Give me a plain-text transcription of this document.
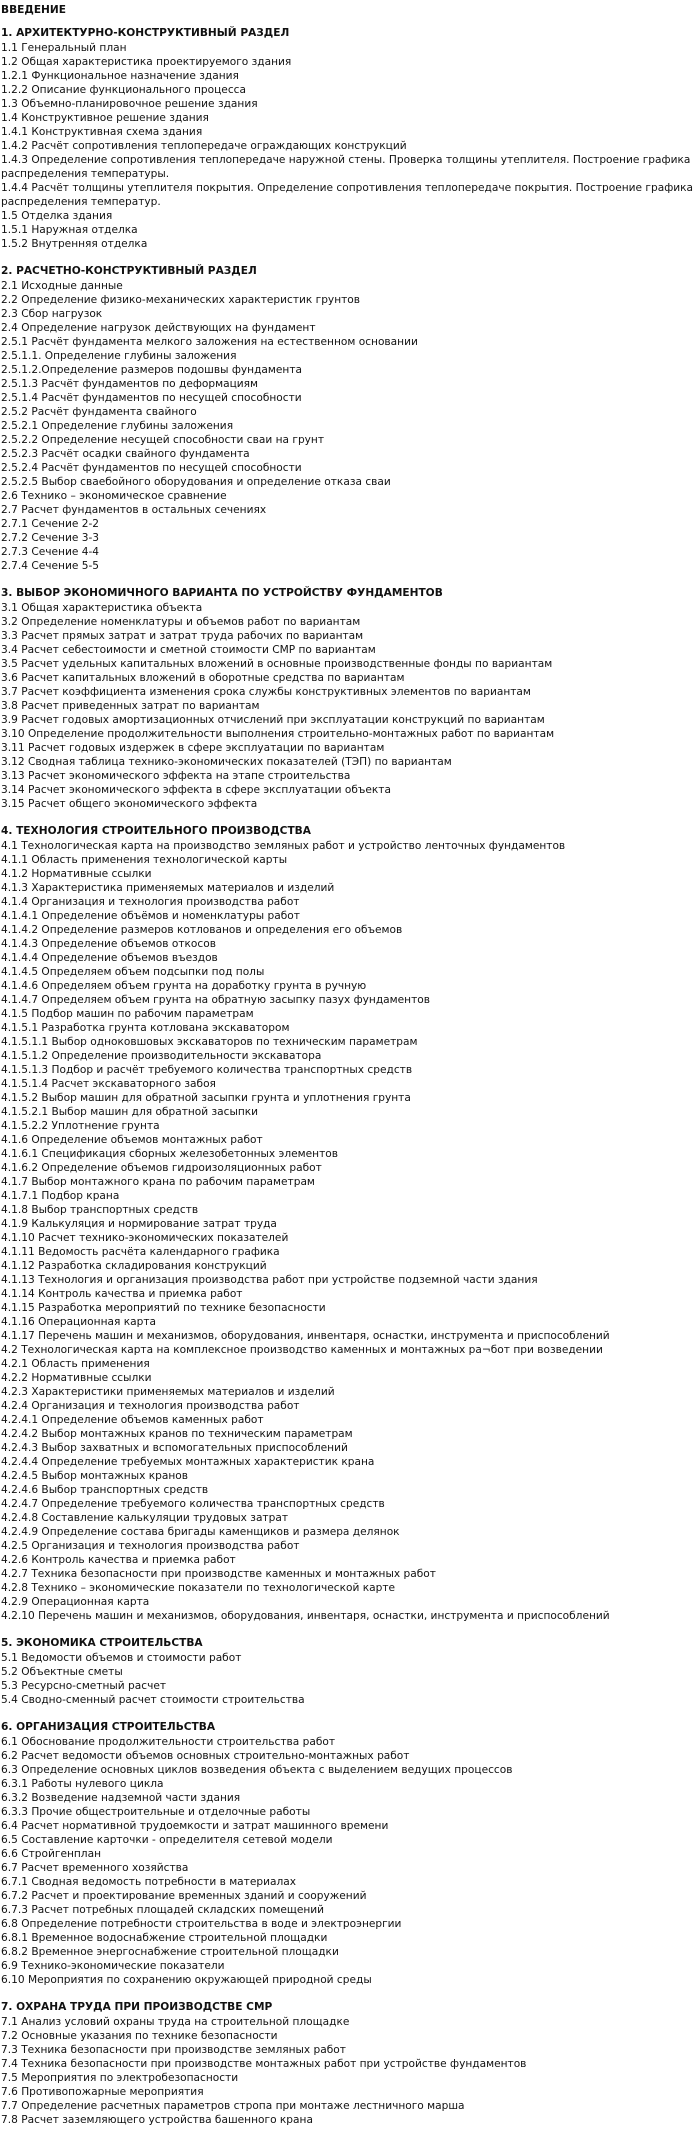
ВВЕДЕНИЕ
1. АРХИТЕКТУРНО-КОНСТРУКТИВНЫЙ РАЗДЕЛ
1.1 Генеральный план
1.2 Общая характеристика проектируемого здания
1.2.1 Функциональное назначение здания
1.2.2 Описание функционального процесса
1.3 Объемно-планировочное решение здания
1.4 Конструктивное решение здания
1.4.1 Конструктивная схема здания
1.4.2 Расчёт сопротивления теплопередаче ограждающих конструкций
1.4.3 Определение сопротивления теплопередаче наружной стены. Проверка толщины утеплителя. Построение графика распределения температуры.
1.4.4 Расчёт толщины утеплителя покрытия. Определение сопротивления теплопередаче покрытия. Построение графика распределения температур.
1.5 Отделка здания
1.5.1 Наружная отделка
1.5.2 Внутренняя отделка
2. РАСЧЕТНО-КОНСТРУКТИВНЫЙ РАЗДЕЛ
2.1 Исходные данные
2.2 Определение физико-механических характеристик грунтов
2.3 Сбор нагрузок
2.4 Определение нагрузок действующих на фундамент
2.5.1 Расчёт фундамента мелкого заложения на естественном основании
2.5.1.1. Определение глубины заложения
2.5.1.2.Определение размеров подошвы фундамента
2.5.1.3 Расчёт фундаментов по деформациям
2.5.1.4 Расчёт фундаментов по несущей способности
2.5.2 Расчёт фундамента свайного
2.5.2.1 Определение глубины заложения
2.5.2.2 Определение несущей способности сваи на грунт
2.5.2.3 Расчёт осадки свайного фундамента
2.5.2.4 Расчёт фундаментов по несущей способности
2.5.2.5 Выбор сваебойного оборудования и определение отказа сваи
2.6 Технико – экономическое сравнение
2.7 Расчет фундаментов в остальных сечениях
2.7.1 Сечение 2-2
2.7.2 Сечение 3-3
2.7.3 Сечение 4-4
2.7.4 Сечение 5-5
3. ВЫБОР ЭКОНОМИЧНОГО ВАРИАНТА ПО УСТРОЙСТВУ ФУНДАМЕНТОВ
3.1 Общая характеристика объекта
3.2 Определение номенклатуры и объемов работ по вариантам
3.3 Расчет прямых затрат и затрат труда рабочих по вариантам
3.4 Расчет себестоимости и сметной стоимости СМР по вариантам
3.5 Расчет удельных капитальных вложений в основные производственные фонды по вариантам
3.6 Расчет капитальных вложений в оборотные средства по вариантам
3.7 Расчет коэффициента изменения срока службы конструктивных элементов по вариантам
3.8 Расчет приведенных затрат по вариантам
3.9 Расчет годовых амортизационных отчислений при эксплуатации конструкций по вариантам
3.10 Определение продолжительности выполнения строительно-монтажных работ по вариантам
3.11 Расчет годовых издержек в сфере эксплуатации по вариантам
3.12 Сводная таблица технико-экономических показателей (ТЭП) по вариантам
3.13 Расчет экономического эффекта на этапе строительства
3.14 Расчет экономического эффекта в сфере эксплуатации объекта
3.15 Расчет общего экономического эффекта
4. ТЕХНОЛОГИЯ СТРОИТЕЛЬНОГО ПРОИЗВОДСТВА
4.1 Технологическая карта на производство земляных работ и устройство ленточных фундаментов
4.1.1 Область применения технологической карты
4.1.2 Нормативные ссылки
4.1.3 Характеристика применяемых материалов и изделий
4.1.4 Организация и технология производства работ
4.1.4.1 Определение объёмов и номенклатуры работ
4.1.4.2 Определение размеров котлованов и определения его объемов
4.1.4.3 Определение объемов откосов
4.1.4.4 Определение объемов въездов
4.1.4.5 Определяем объем подсыпки под полы
4.1.4.6 Определяем объем грунта на доработку грунта в ручную
4.1.4.7 Определяем объем грунта на обратную засыпку пазух фундаментов
4.1.5 Подбор машин по рабочим параметрам
4.1.5.1 Разработка грунта котлована экскаватором
4.1.5.1.1 Выбор одноковшовых экскаваторов по техническим параметрам
4.1.5.1.2 Определение производительности экскаватора
4.1.5.1.3 Подбор и расчёт требуемого количества транспортных средств
4.1.5.1.4 Расчет экскаваторного забоя
4.1.5.2 Выбор машин для обратной засыпки грунта и уплотнения грунта
4.1.5.2.1 Выбор машин для обратной засыпки
4.1.5.2.2 Уплотнение грунта
4.1.6 Определение объемов монтажных работ
4.1.6.1 Спецификация сборных железобетонных элементов
4.1.6.2 Определение объемов гидроизоляционных работ
4.1.7 Выбор монтажного крана по рабочим параметрам
4.1.7.1 Подбор крана
4.1.8 Выбор транспортных средств
4.1.9 Калькуляция и нормирование затрат труда
4.1.10 Расчет технико-экономических показателей
4.1.11 Ведомость расчёта календарного графика
4.1.12 Разработка складирования конструкций
4.1.13 Технология и организация производства работ при устройстве подземной части здания
4.1.14 Контроль качества и приемка работ
4.1.15 Разработка мероприятий по технике безопасности
4.1.16 Операционная карта
4.1.17 Перечень машин и механизмов, оборудования, инвентаря, оснастки, инструмента и приспособлений
4.2 Технологическая карта на комплексное производство каменных и монтажных ра¬бот при возведении
4.2.1 Область применения
4.2.2 Нормативные ссылки
4.2.3 Характеристики применяемых материалов и изделий
4.2.4 Организация и технология производства работ
4.2.4.1 Определение объемов каменных работ
4.2.4.2 Выбор монтажных кранов по техническим параметрам
4.2.4.3 Выбор захватных и вспомогательных приспособлений
4.2.4.4 Определение требуемых монтажных характеристик крана
4.2.4.5 Выбор монтажных кранов
4.2.4.6 Выбор транспортных средств
4.2.4.7 Определение требуемого количества транспортных средств
4.2.4.8 Составление калькуляции трудовых затрат
4.2.4.9 Определение состава бригады каменщиков и размера делянок
4.2.5 Организация и технология производства работ
4.2.6 Контроль качества и приемка работ
4.2.7 Техника безопасности при производстве каменных и монтажных работ
4.2.8 Технико – экономические показатели по технологической карте
4.2.9 Операционная карта
4.2.10 Перечень машин и механизмов, оборудования, инвентаря, оснастки, инструмента и приспособлений
5. ЭКОНОМИКА СТРОИТЕЛЬСТВА
5.1 Ведомости объемов и стоимости работ
5.2 Объектные сметы
5.3 Ресурсно-сметный расчет
5.4 Сводно-сменный расчет стоимости строительства
6. ОРГАНИЗАЦИЯ СТРОИТЕЛЬСТВА
6.1 Обоснование продолжительности строительства работ
6.2 Расчет ведомости объемов основных строительно-монтажных работ
6.3 Определение основных циклов возведения объекта с выделением ведущих процессов
6.3.1 Работы нулевого цикла
6.3.2 Возведение надземной части здания
6.3.3 Прочие общестроительные и отделочные работы
6.4 Расчет нормативной трудоемкости и затрат машинного времени
6.5 Составление карточки - определителя сетевой модели
6.6 Стройгенплан
6.7 Расчет временного хозяйства
6.7.1 Сводная ведомость потребности в материалах
6.7.2 Расчет и проектирование временных зданий и сооружений
6.7.3 Расчет потребных площадей складских помещений
6.8 Определение потребности строительства в воде и электроэнергии
6.8.1 Временное водоснабжение строительной площадки
6.8.2 Временное энергоснабжение строительной площадки
6.9 Технико-экономические показатели
6.10 Мероприятия по сохранению окружающей природной среды
7. ОХРАНА ТРУДА ПРИ ПРОИЗВОДСТВЕ СМР
7.1 Анализ условий охраны труда на строительной площадке
7.2 Основные указания по технике безопасности
7.3 Техника безопасности при производстве земляных работ
7.4 Техника безопасности при производстве монтажных работ при устройстве фундаментов
7.5 Мероприятия по электробезопасности
7.6 Противопожарные мероприятия
7.7 Определение расчетных параметров стропа при монтаже лестничного марша
7.8 Расчет заземляющего устройства башенного крана
